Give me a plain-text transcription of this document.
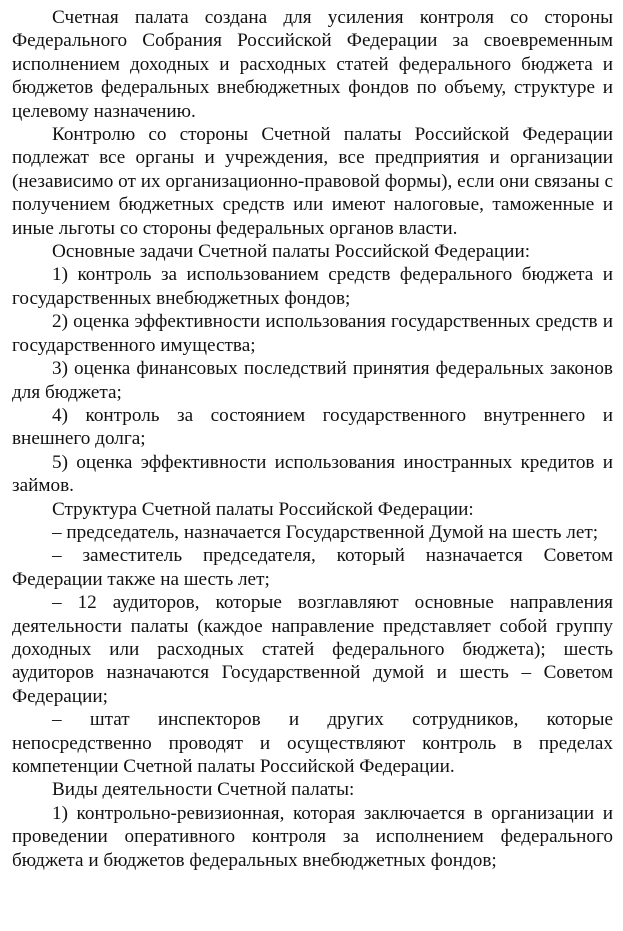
Счетная палата создана для усиления контроля со стороны Федерального Собрания Российской Федерации за своевременным исполнением доходных и расходных статей федерального бюджета и бюджетов федеральных внебюджетных фондов по объему, структуре и целевому назначению.

Контролю со стороны Счетной палаты Российской Федерации подлежат все органы и учреждения, все предприятия и организации (независимо от их организационно-правовой формы), если они связаны с получением бюджетных средств или имеют налоговые, таможенные и иные льготы со стороны федеральных органов власти.

Основные задачи Счетной палаты Российской Федерации:

1) контроль за использованием средств федерального бюджета и государственных внебюджетных фондов;

2) оценка эффективности использования государственных средств и государственного имущества;

3) оценка финансовых последствий принятия федеральных законов для бюджета;

4) контроль за состоянием государственного внутреннего и внешнего долга;

5) оценка эффективности использования иностранных кредитов и займов.

Структура Счетной палаты Российской Федерации:

– председатель, назначается Государственной Думой на шесть лет;

– заместитель председателя, который назначается Советом Федерации также на шесть лет;

– 12 аудиторов, которые возглавляют основные направления деятельности палаты (каждое направление представляет собой группу доходных или расходных статей федерального бюджета); шесть аудиторов назначаются Государственной думой и шесть – Советом Федерации;

– штат инспекторов и других сотрудников, которые непосредственно проводят и осуществляют контроль в пределах компетенции Счетной палаты Российской Федерации.

Виды деятельности Счетной палаты:

1) контрольно-ревизионная, которая заключается в организации и проведении оперативного контроля за исполнением федерального бюджета и бюджетов федеральных внебюджетных фондов;
